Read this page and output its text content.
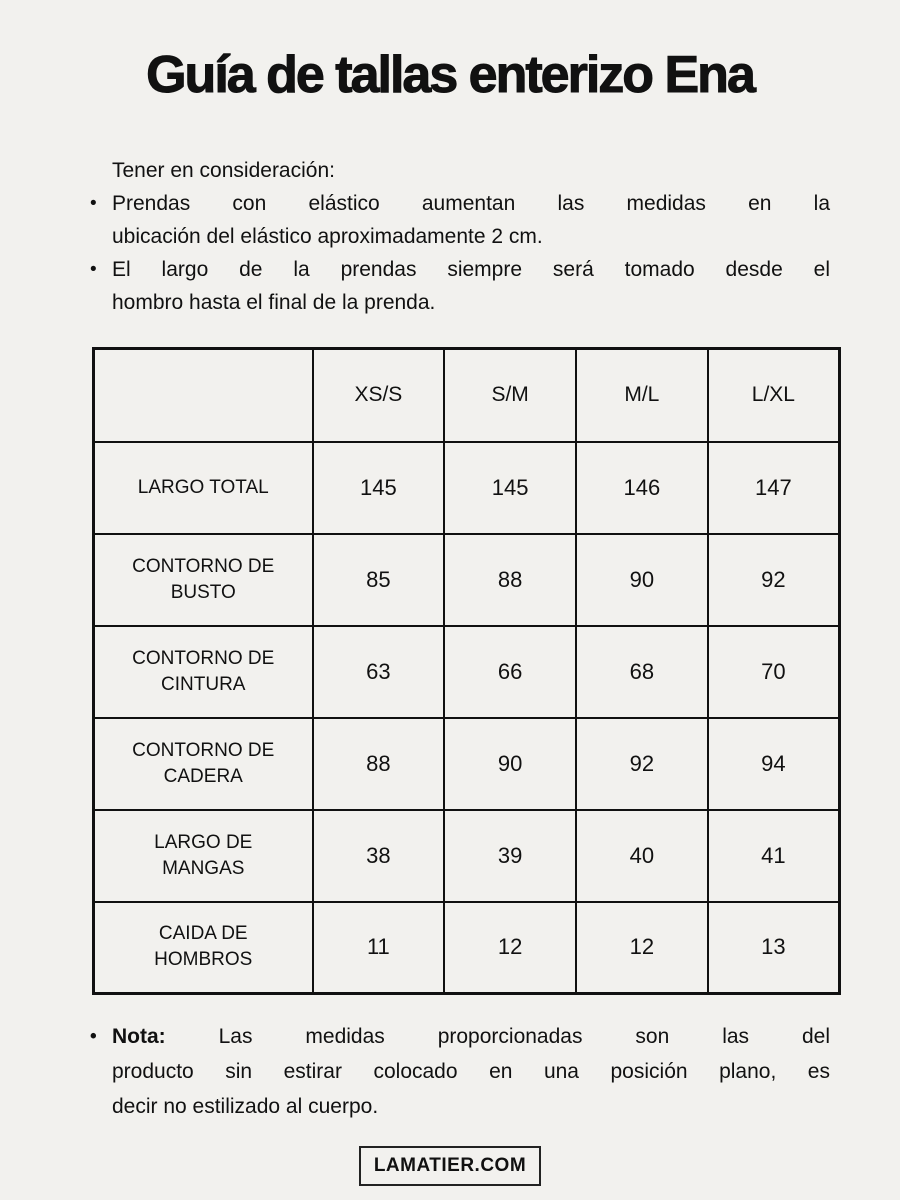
Guía de tallas enterizo Ena
Tener en consideración:
• Prendas con elástico aumentan las medidas en la
ubicación del elástico aproximadamente 2 cm.
• El largo de la prendas siempre será tomado desde el
hombro hasta el final de la prenda.
	XS/S	S/M	M/L	L/XL

LARGO TOTAL	145	145	146	147

CONTORNO DE
BUSTO	85	88	90	92

CONTORNO DE
CINTURA	63	66	68	70

CONTORNO DE
CADERA	88	90	92	94

LARGO DE
MANGAS	38	39	40	41

CAIDA DE
HOMBROS	11	12	12	13
• Nota:	Las medidas proporcionadas son las del
producto sin estirar colocado en una posición plano, es
decir no estilizado al cuerpo.
LAMATIER.COM
